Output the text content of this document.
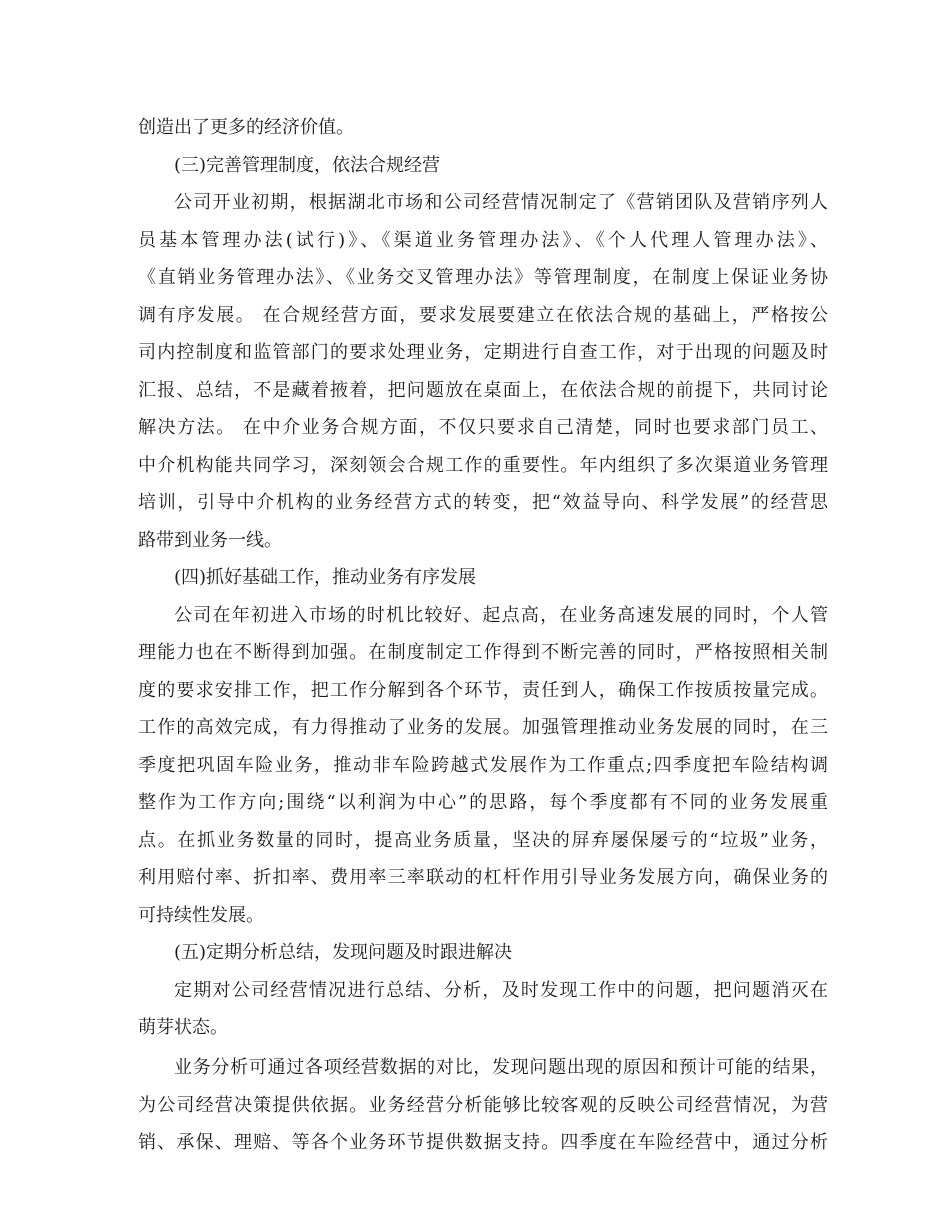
创造出了更多的经济价值。
(三)完善管理制度，依法合规经营
公司开业初期，根据湖北市场和公司经营情况制定了《营销团队及营销序列人
员基本管理办法(试行)》、《渠道业务管理办法》、《个人代理人管理办法》、
《直销业务管理办法》、《业务交叉管理办法》等管理制度，在制度上保证业务协
调有序发展。 在合规经营方面，要求发展要建立在依法合规的基础上，严格按公
司内控制度和监管部门的要求处理业务，定期进行自查工作，对于出现的问题及时
汇报、总结，不是藏着掖着，把问题放在桌面上，在依法合规的前提下，共同讨论
解决方法。 在中介业务合规方面，不仅只要求自己清楚，同时也要求部门员工、
中介机构能共同学习，深刻领会合规工作的重要性。年内组织了多次渠道业务管理
培训，引导中介机构的业务经营方式的转变，把“效益导向、科学发展”的经营思
路带到业务一线。
(四)抓好基础工作，推动业务有序发展
公司在年初进入市场的时机比较好、起点高，在业务高速发展的同时，个人管
理能力也在不断得到加强。在制度制定工作得到不断完善的同时，严格按照相关制
度的要求安排工作，把工作分解到各个环节，责任到人，确保工作按质按量完成。
工作的高效完成，有力得推动了业务的发展。加强管理推动业务发展的同时，在三
季度把巩固车险业务，推动非车险跨越式发展作为工作重点;四季度把车险结构调
整作为工作方向;围绕“以利润为中心”的思路，每个季度都有不同的业务发展重
点。在抓业务数量的同时，提高业务质量，坚决的屏弃屡保屡亏的“垃圾”业务，
利用赔付率、折扣率、费用率三率联动的杠杆作用引导业务发展方向，确保业务的
可持续性发展。
(五)定期分析总结，发现问题及时跟进解决
定期对公司经营情况进行总结、分析，及时发现工作中的问题，把问题消灭在
萌芽状态。
业务分析可通过各项经营数据的对比，发现问题出现的原因和预计可能的结果，
为公司经营决策提供依据。业务经营分析能够比较客观的反映公司经营情况，为营
销、承保、理赔、等各个业务环节提供数据支持。四季度在车险经营中，通过分析
